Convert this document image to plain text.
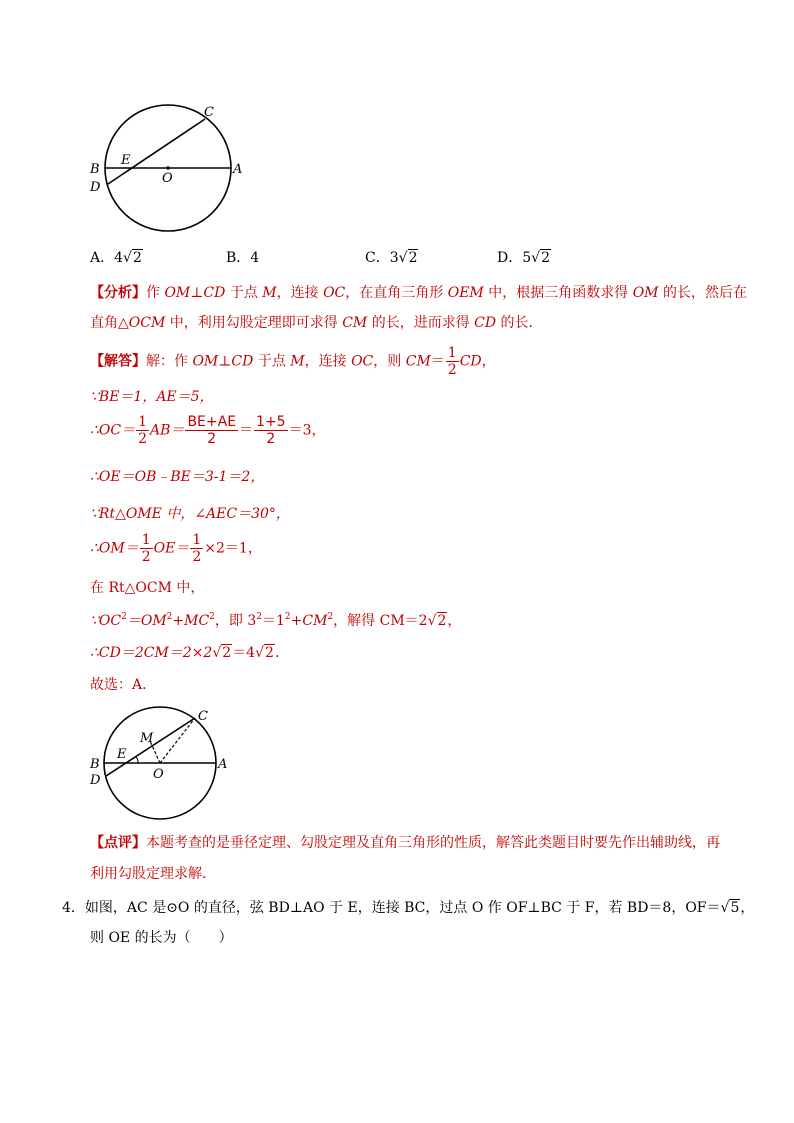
C
E
B
O
A
D
A．4√2	B．4	C．3√2	D．5√2
【分析】作 OM⊥CD 于点 M，连接 OC，在直角三角形 OEM 中，根据三角函数求得 OM 的长，然后在
直角△OCM 中，利用勾股定理即可求得 CM 的长，进而求得 CD 的长．
【解答】解：作 OM⊥CD 于点 M，连接 OC，则 $CM= \frac{1}{2}$ CD，
∵BE＝1，AE＝5，
∴OC＝ $\frac{1}{2} AB= \frac{BE+AE}{2} = \frac{1+5}{2} =3$，
∴OE＝OB﹣BE＝3-1＝2，
∵Rt△OME 中，∠AEC＝30°，
∴OM＝ $\frac{1}{2} OE= \frac{1}{2} \times 2=1$，
在 Rt△OCM 中，
$\because OC^2=OM^2+MC^2$，即 $3^2=1^2+CM^2$，解得 CM＝2√2，
∴CD＝2CM＝2×2√2＝4√2．
故选：A．
C
M
E
B
O
A
D
【点评】本题考查的是垂径定理、勾股定理及直角三角形的性质，解答此类题目时要先作出辅助线，再
利用勾股定理求解．
4．如图，AC 是⊙O 的直径，弦 BD⊥AO 于 E，连接 BC，过点 O 作 OF⊥BC 于 F，若 BD＝8，OF＝√5，
则 OE 的长为（　　）
